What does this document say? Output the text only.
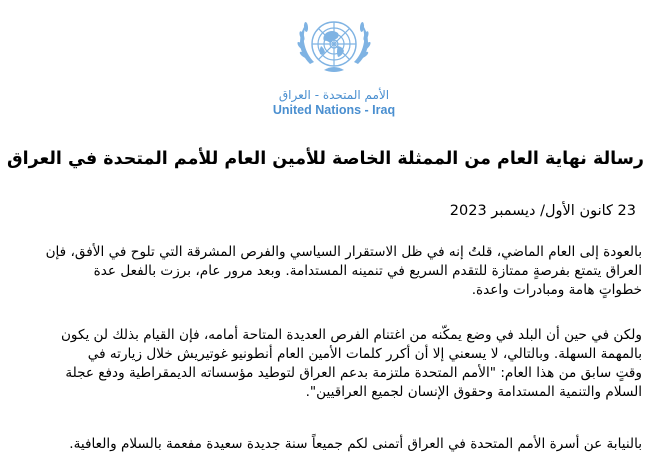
الأمم المتحدة - العراق
United Nations - Iraq
رسالة نهاية العام من الممثلة الخاصة للأمين العام للأمم المتحدة في العراق
23 كانون الأول/ ديسمبر 2023
بالعودة إلى العام الماضي، قلتُ إنه في ظل الاستقرار السياسي والفرص المشرقة التي تلوح في الأفق، فإن
العراق يتمتع بفرصةٍ ممتازة للتقدم السريع في تنمينه المستدامة. وبعد مرور عام، برزت بالفعل عدة
خطواتٍ هامة ومبادرات واعدة.
ولكن في حين أن البلد في وضع يمكّنه من اغتنام الفرص العديدة المتاحة أمامه، فإن القيام بذلك لن يكون
بالمهمة السهلة. وبالتالي، لا يسعني إلا أن أكرر كلمات الأمين العام أنطونيو غوتيريش خلال زيارته في
وقتٍ سابق من هذا العام: "الأمم المتحدة ملتزمة بدعم العراق لتوطيد مؤسساته الديمقراطية ودفع عجلة
السلام والتنمية المستدامة وحقوق الإنسان لجميع العراقيين".
بالنيابة عن أسرة الأمم المتحدة في العراق أتمنى لكم جميعاً سنة جديدة سعيدة مفعمة بالسلام والعافية.
